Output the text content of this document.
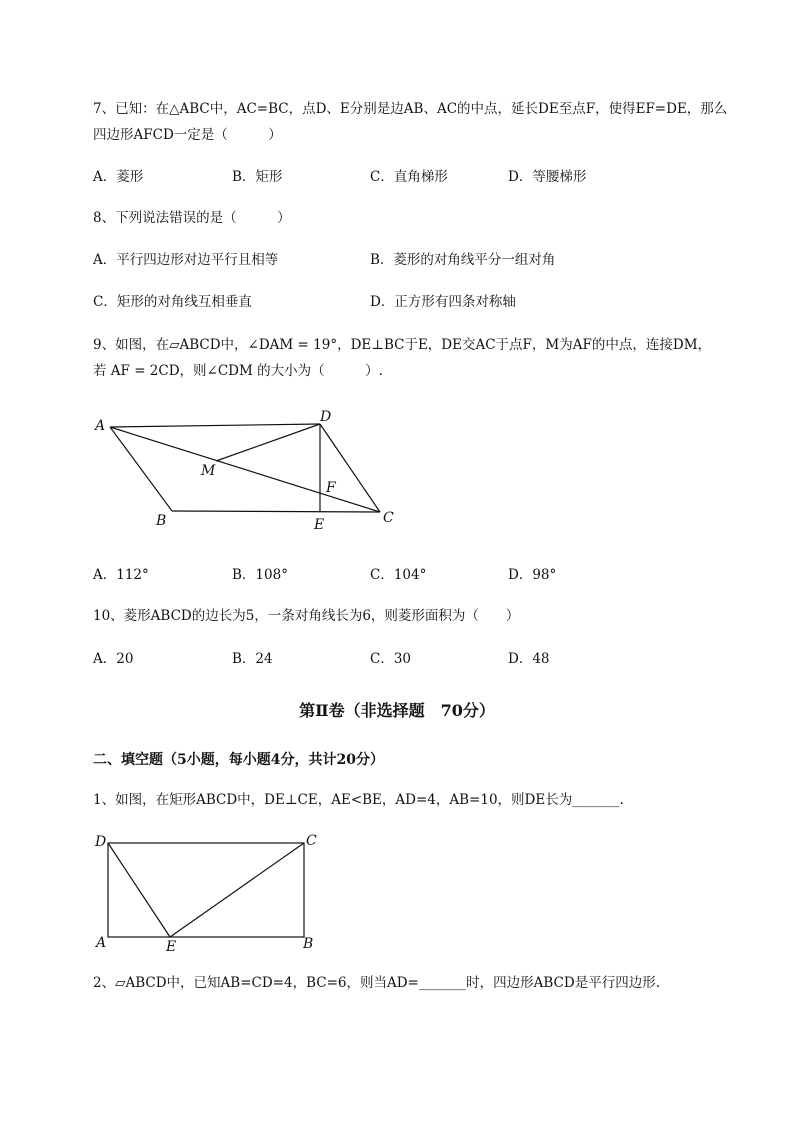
7、已知：在△ABC中，AC=BC，点D、E分别是边AB、AC的中点，延长DE至点F，使得EF=DE，那么
四边形AFCD一定是（　　　）
A．菱形	B．矩形	C．直角梯形	D．等腰梯形
8、下列说法错误的是（　　　）
A．平行四边形对边平行且相等	B．菱形的对角线平分一组对角
C．矩形的对角线互相垂直	D．正方形有四条对称轴
9、如图，在▱ABCD中，∠DAM = 19°，DE⊥BC于E，DE交AC于点F，M为AF的中点，连接DM，
若 AF = 2CD，则∠CDM 的大小为（　　　）.
A
D
M
F
B	E	C
A．112°	B．108°	C．104°	D．98°
10、菱形ABCD的边长为5，一条对角线长为6，则菱形面积为（　　）
A．20	B．24	C．30	D．48
第Ⅱ卷（非选择题　70分）
二、填空题（5小题，每小题4分，共计20分）
1、如图，在矩形ABCD中，DE⊥CE，AE<BE，AD=4，AB=10，则DE长为_______.
D	C
A	E	B
2、▱ABCD中，已知AB=CD=4，BC=6，则当AD=_______时，四边形ABCD是平行四边形.
